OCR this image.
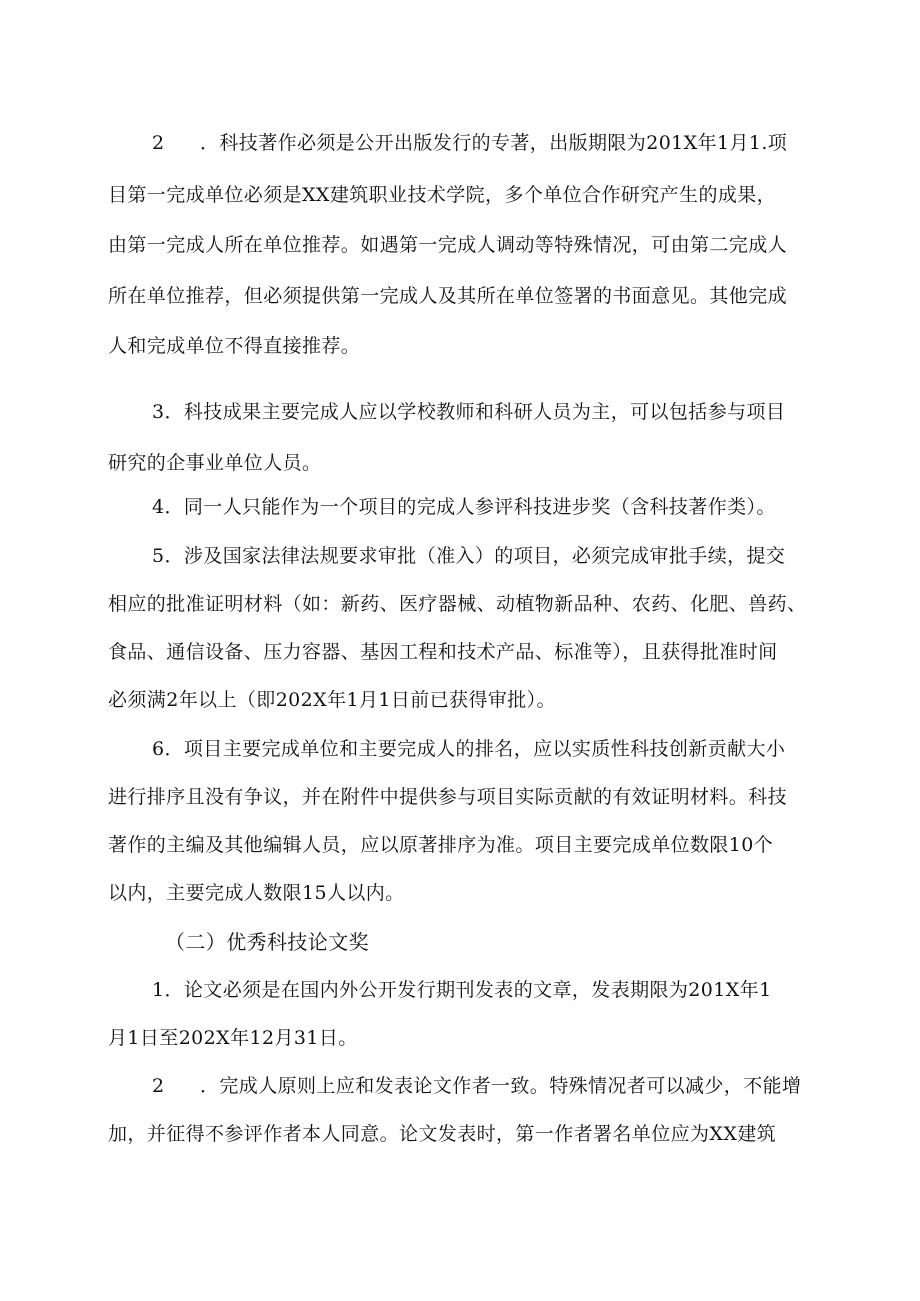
2 ．科技著作必须是公开出版发行的专著，出版期限为201X年1月1.项
目第一完成单位必须是XX建筑职业技术学院，多个单位合作研究产生的成果，
由第一完成人所在单位推荐。如遇第一完成人调动等特殊情况，可由第二完成人
所在单位推荐，但必须提供第一完成人及其所在单位签署的书面意见。其他完成
人和完成单位不得直接推荐。
3．科技成果主要完成人应以学校教师和科研人员为主，可以包括参与项目
研究的企事业单位人员。
4．同一人只能作为一个项目的完成人参评科技进步奖（含科技著作类）。
5．涉及国家法律法规要求审批（准入）的项目，必须完成审批手续，提交
相应的批准证明材料（如：新药、医疗器械、动植物新品种、农药、化肥、兽药、
食品、通信设备、压力容器、基因工程和技术产品、标准等），且获得批准时间
必须满2年以上（即202X年1月1日前已获得审批）。
6．项目主要完成单位和主要完成人的排名，应以实质性科技创新贡献大小
进行排序且没有争议，并在附件中提供参与项目实际贡献的有效证明材料。科技
著作的主编及其他编辑人员，应以原著排序为准。项目主要完成单位数限10个
以内，主要完成人数限15人以内。
（二）优秀科技论文奖
1．论文必须是在国内外公开发行期刊发表的文章，发表期限为201X年1
月1日至202X年12月31日。
2 ．完成人原则上应和发表论文作者一致。特殊情况者可以减少，不能增
加，并征得不参评作者本人同意。论文发表时，第一作者署名单位应为XX建筑
